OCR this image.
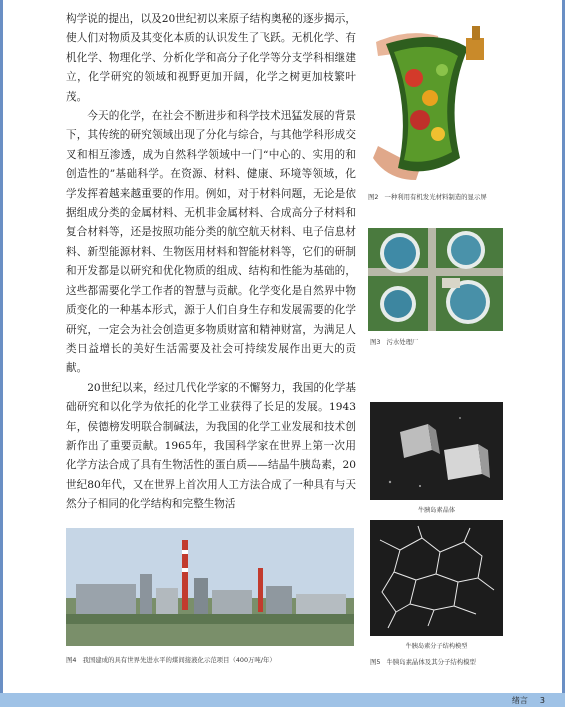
构学说的提出，以及20世纪初以来原子结构奥秘的逐步揭示，使人们对物质及其变化本质的认识发生了飞跃。无机化学、有机化学、物理化学、分析化学和高分子化学等分支学科相继建立，化学研究的领域和视野更加开阔，化学之树更加枝繁叶茂。

今天的化学，在社会不断进步和科学技术迅猛发展的背景下，其传统的研究领域出现了分化与综合，与其他学科形成交叉和相互渗透，成为自然科学领域中一门“中心的、实用的和创造性的”基础科学。在资源、材料、健康、环境等领域，化学发挥着越来越重要的作用。例如，对于材料问题，无论是依据组成分类的金属材料、无机非金属材料、合成高分子材料和复合材料等，还是按照功能分类的航空航天材料、电子信息材料、新型能源材料、生物医用材料和智能材料等，它们的研制和开发都是以研究和优化物质的组成、结构和性能为基础的，这些都需要化学工作者的智慧与贡献。化学变化是自然界中物质变化的一种基本形式，源于人们自身生存和发展需要的化学研究，一定会为社会创造更多物质财富和精神财富，为满足人类日益增长的美好生活需要及社会可持续发展作出更大的贡献。

20世纪以来，经过几代化学家的不懈努力，我国的化学基础研究和以化学为依托的化学工业获得了长足的发展。1943年，侯德榜发明联合制碱法，为我国的化学工业发展和技术创新作出了重要贡献。1965年，我国科学家在世界上第一次用化学方法合成了具有生物活性的蛋白质——结晶牛胰岛素，20世纪80年代，又在世界上首次用人工方法合成了一种具有与天然分子相同的化学结构和完整生物活

图2 一种利用有机发光材料制造的显示屏
图3 污水处理厂
牛胰岛素晶体
牛胰岛素分子结构模型
图5 牛胰岛素晶体及其分子结构模型
图4 我国建成的具有世界先进水平的煤间接液化示范项目（400万吨/年）
绪言 3
